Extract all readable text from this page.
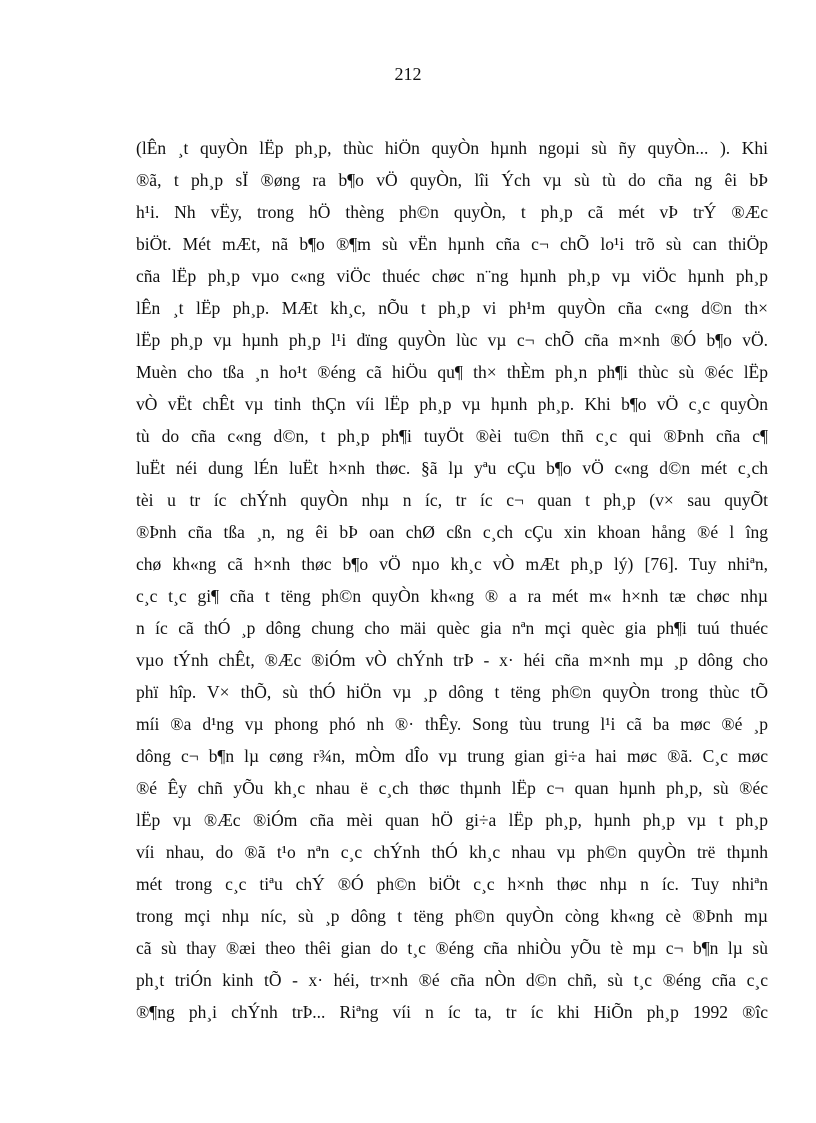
212
(lÊn ¸t quyÒn lËp ph¸p, thùc hiÖn quyÒn hµnh ngoµi sù ñy quyÒn... ). Khi
®ã, t ph¸p sÏ ®øng ra b¶o vÖ quyÒn, lîi Ých vµ sù tù do cña ng êi bÞ
h¹i. Nh vËy, trong hÖ thèng ph©n quyÒn, t ph¸p cã mét vÞ trÝ ®Æc
biÖt. Mét mÆt, nã b¶o ®¶m sù vËn hµnh cña c¬ chÕ lo¹i trõ sù can thiÖp
cña lËp ph¸p vµo c«ng viÖc thuéc chøc n¨ng hµnh ph¸p vµ viÖc hµnh ph¸p
lÊn ¸t lËp ph¸p. MÆt kh¸c, nÕu t ph¸p vi ph¹m quyÒn cña c«ng d©n th×
lËp ph¸p vµ hµnh ph¸p l¹i dïng quyÒn lùc vµ c¬ chÕ cña m×nh ®Ó b¶o vÖ.
Muèn cho tßa ¸n ho¹t ®éng cã hiÖu qu¶ th× thÈm ph¸n ph¶i thùc sù ®éc lËp
vÒ vËt chÊt vµ tinh thÇn víi lËp ph¸p vµ hµnh ph¸p. Khi b¶o vÖ c¸c quyÒn
tù do cña c«ng d©n, t ph¸p ph¶i tuyÖt ®èi tu©n thñ c¸c qui ®Þnh cña c¶
luËt néi dung lÉn luËt h×nh thøc. §ã lµ yªu cÇu b¶o vÖ c«ng d©n mét c¸ch
tèi u tr íc chÝnh quyÒn nhµ n íc, tr íc c¬ quan t ph¸p (v× sau quyÕt
®Þnh cña tßa ¸n, ng êi bÞ oan chØ cßn c¸ch cÇu xin khoan hång ®é l îng
chø kh«ng cã h×nh thøc b¶o vÖ nµo kh¸c vÒ mÆt ph¸p lý) [76]. Tuy nhiªn,
c¸c t¸c gi¶ cña t tëng ph©n quyÒn kh«ng ® a ra mét m« h×nh tæ chøc nhµ
n íc cã thÓ ¸p dông chung cho mäi quèc gia nªn mçi quèc gia ph¶i tuú thuéc
vµo tÝnh chÊt, ®Æc ®iÓm vÒ chÝnh trÞ - x· héi cña m×nh mµ ¸p dông cho
phï hîp. V× thÕ, sù thÓ hiÖn vµ ¸p dông t tëng ph©n quyÒn trong thùc tÕ
míi ®a d¹ng vµ phong phó nh ®· thÊy. Song tùu trung l¹i cã ba møc ®é ¸p
dông c¬ b¶n lµ cøng r¾n, mÒm dÎo vµ trung gian gi÷a hai møc ®ã. C¸c møc
®é Êy chñ yÕu kh¸c nhau ë c¸ch thøc thµnh lËp c¬ quan hµnh ph¸p, sù ®éc
lËp vµ ®Æc ®iÓm cña mèi quan hÖ gi÷a lËp ph¸p, hµnh ph¸p vµ t ph¸p
víi nhau, do ®ã t¹o nªn c¸c chÝnh thÓ kh¸c nhau vµ ph©n quyÒn trë thµnh
mét trong c¸c tiªu chÝ ®Ó ph©n biÖt c¸c h×nh thøc nhµ n íc. Tuy nhiªn
trong mçi nhµ níc, sù ¸p dông t tëng ph©n quyÒn còng kh«ng cè ®Þnh mµ
cã sù thay ®æi theo thêi gian do t¸c ®éng cña nhiÒu yÕu tè mµ c¬ b¶n lµ sù
ph¸t triÓn kinh tÕ - x· héi, tr×nh ®é cña nÒn d©n chñ, sù t¸c ®éng cña c¸c
®¶ng ph¸i chÝnh trÞ... Riªng víi n íc ta, tr íc khi HiÕn ph¸p 1992 ®îc
